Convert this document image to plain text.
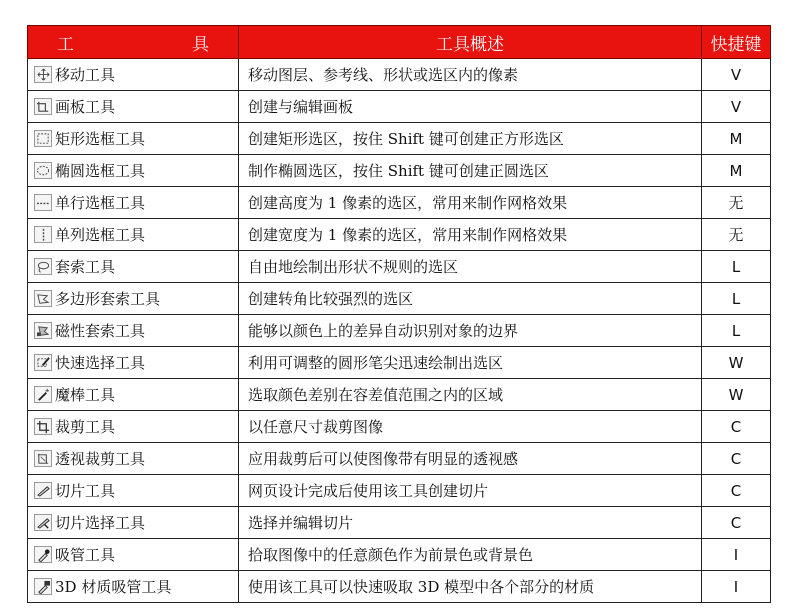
工　　具	工具概述	快捷键

移动工具	移动图层、参考线、形状或选区内的像素	V

画板工具	创建与编辑画板	V

矩形选框工具	创建矩形选区，按住 Shift 键可创建正方形选区	M

椭圆选框工具	制作椭圆选区，按住 Shift 键可创建正圆选区	M

单行选框工具	创建高度为 1 像素的选区，常用来制作网格效果	无

单列选框工具	创建宽度为 1 像素的选区，常用来制作网格效果	无

套索工具	自由地绘制出形状不规则的选区	L

多边形套索工具	创建转角比较强烈的选区	L

磁性套索工具	能够以颜色上的差异自动识别对象的边界	L

快速选择工具	利用可调整的圆形笔尖迅速绘制出选区	W

魔棒工具	选取颜色差别在容差值范围之内的区域	W

裁剪工具	以任意尺寸裁剪图像	C

透视裁剪工具	应用裁剪后可以使图像带有明显的透视感	C

切片工具	网页设计完成后使用该工具创建切片	C

切片选择工具	选择并编辑切片	C

吸管工具	拾取图像中的任意颜色作为前景色或背景色	I

3D 材质吸管工具	使用该工具可以快速吸取 3D 模型中各个部分的材质	I
